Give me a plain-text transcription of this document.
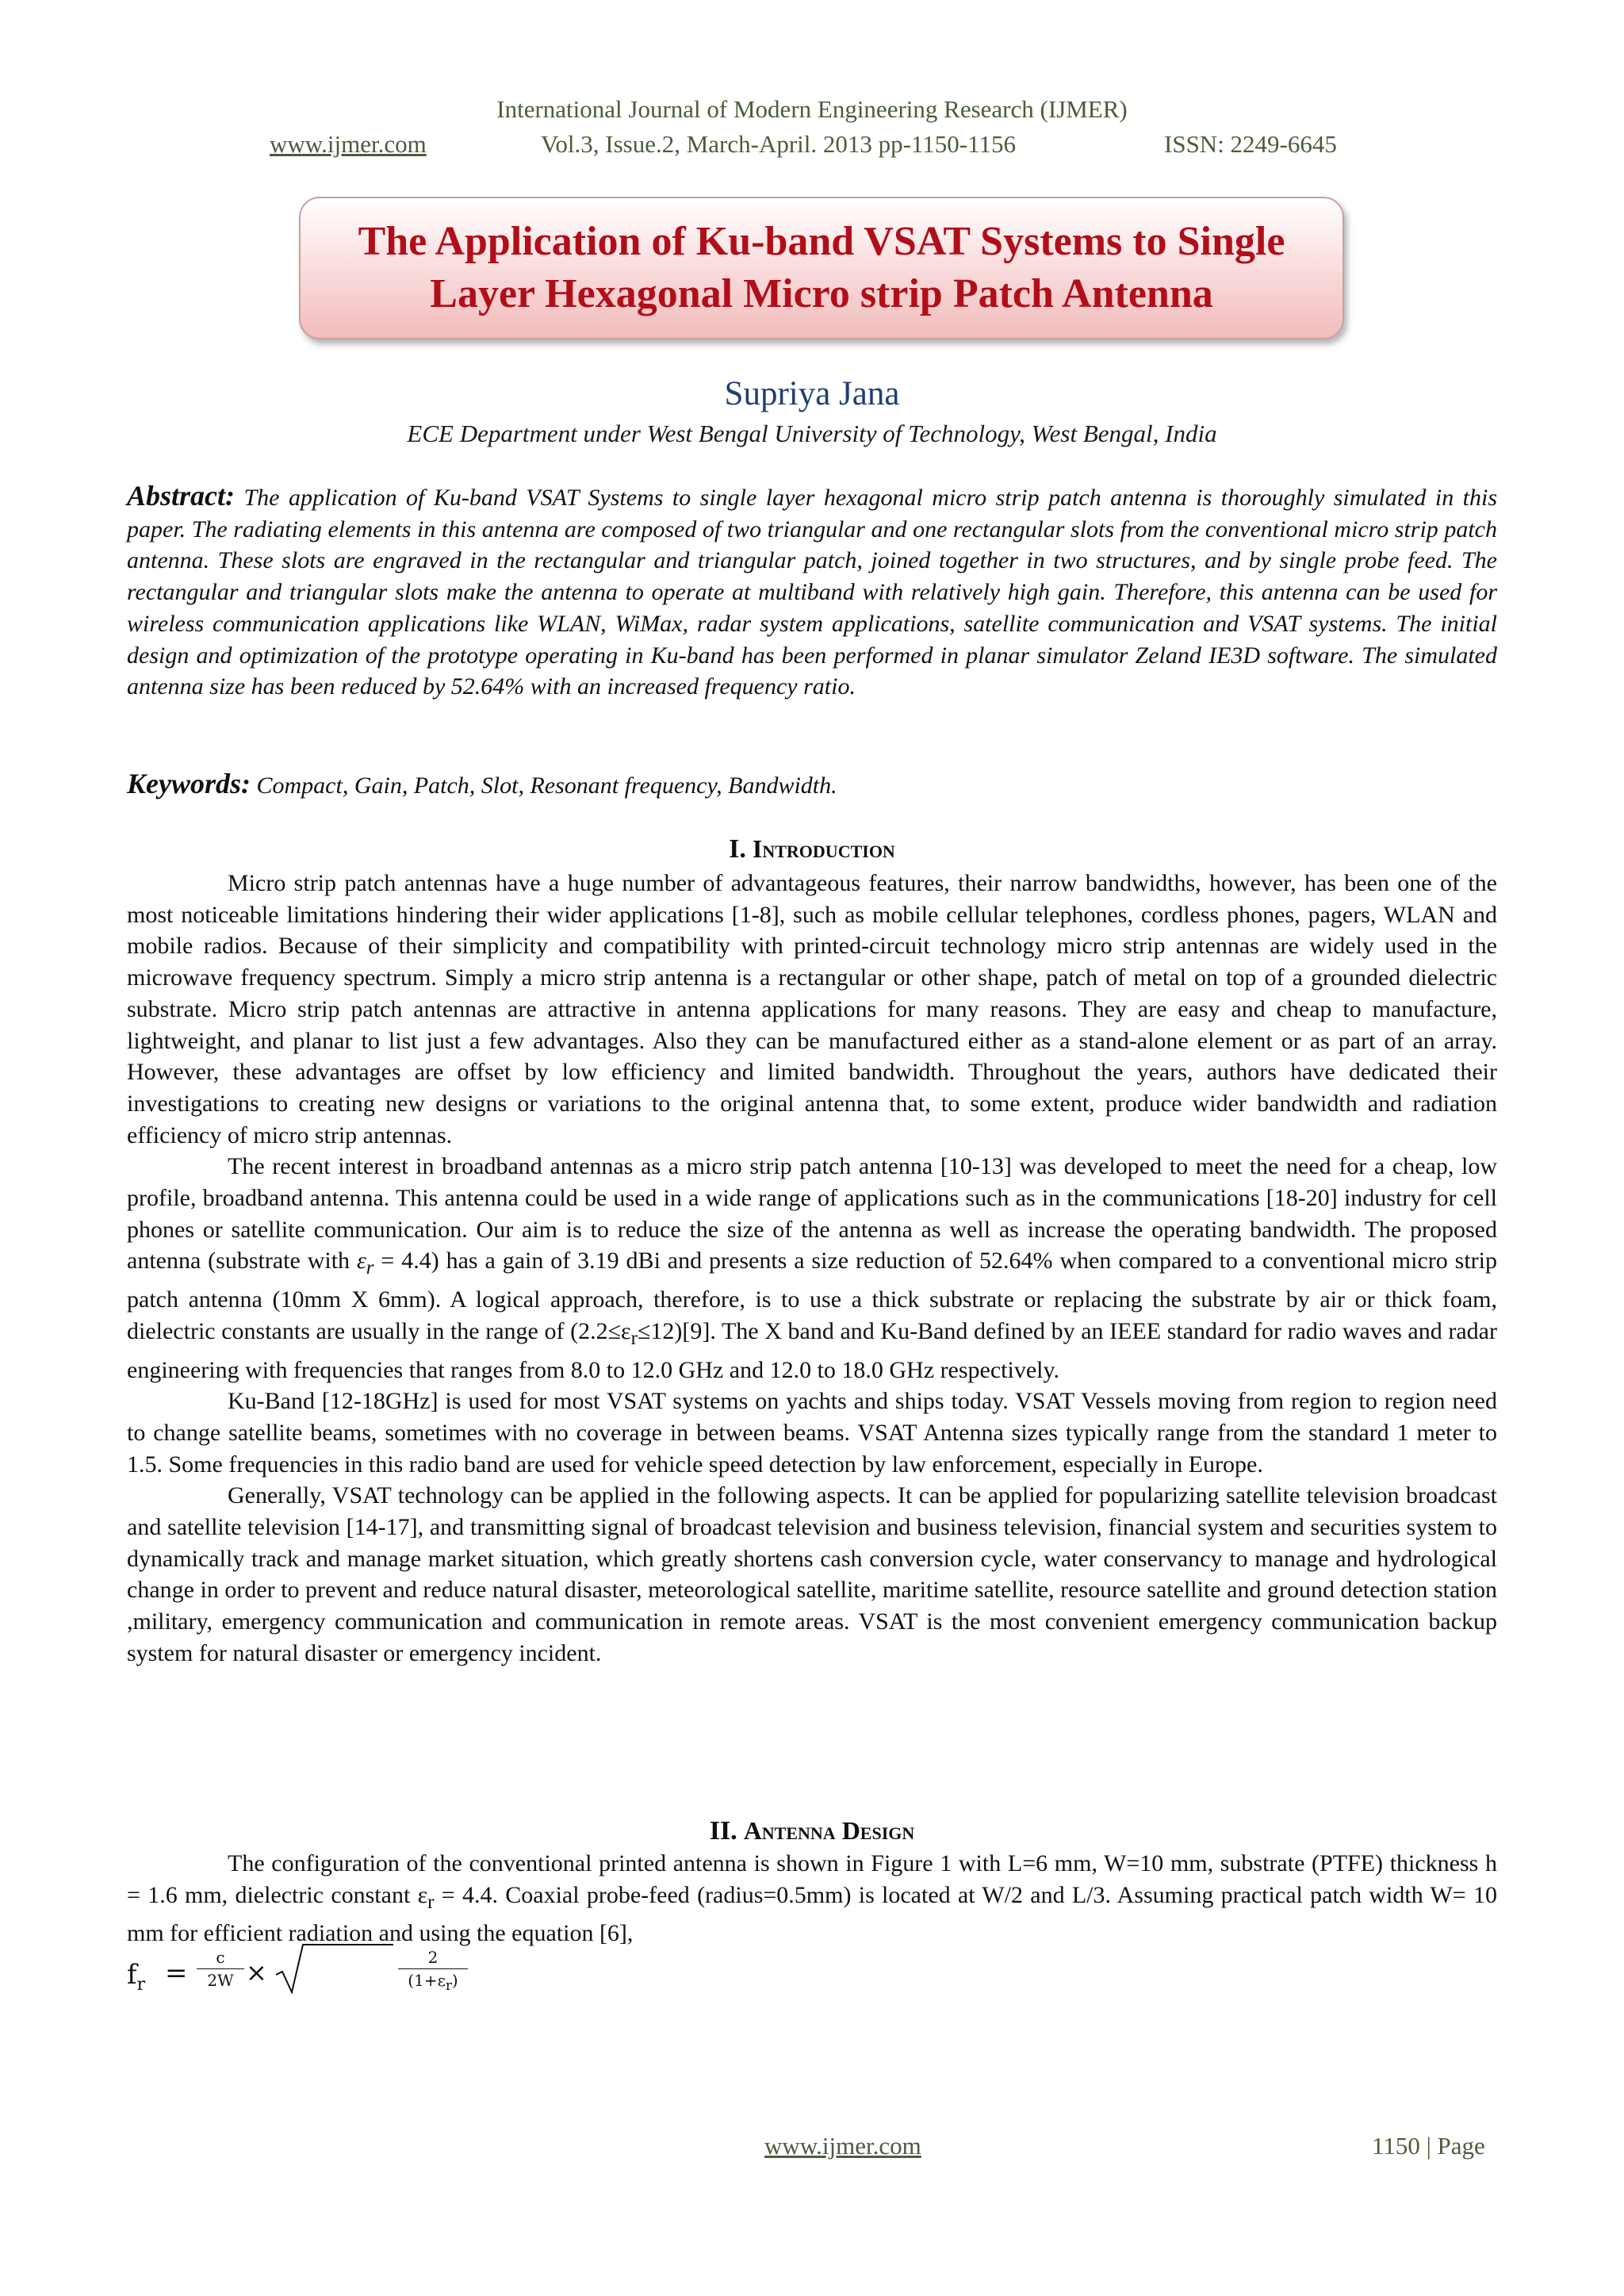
International Journal of Modern Engineering Research (IJMER)
www.ijmer.com	Vol.3, Issue.2, March-April. 2013 pp-1150-1156	ISSN: 2249-6645
The Application of Ku-band VSAT Systems to Single Layer Hexagonal Micro strip Patch Antenna
Supriya Jana
ECE Department under West Bengal University of Technology, West Bengal, India
Abstract: The application of Ku-band VSAT Systems to single layer hexagonal micro strip patch antenna is thoroughly simulated in this paper. The radiating elements in this antenna are composed of two triangular and one rectangular slots from the conventional micro strip patch antenna. These slots are engraved in the rectangular and triangular patch, joined together in two structures, and by single probe feed. The rectangular and triangular slots make the antenna to operate at multiband with relatively high gain. Therefore, this antenna can be used for wireless communication applications like WLAN, WiMax, radar system applications, satellite communication and VSAT systems. The initial design and optimization of the prototype operating in Ku-band has been performed in planar simulator Zeland IE3D software. The simulated antenna size has been reduced by 52.64% with an increased frequency ratio.
Keywords: Compact, Gain, Patch, Slot, Resonant frequency, Bandwidth.
I. Introduction

Micro strip patch antennas have a huge number of advantageous features, their narrow bandwidths, however, has been one of the most noticeable limitations hindering their wider applications [1-8], such as mobile cellular telephones, cordless phones, pagers, WLAN and mobile radios. Because of their simplicity and compatibility with printed-circuit technology micro strip antennas are widely used in the microwave frequency spectrum. Simply a micro strip antenna is a rectangular or other shape, patch of metal on top of a grounded dielectric substrate. Micro strip patch antennas are attractive in antenna applications for many reasons. They are easy and cheap to manufacture, lightweight, and planar to list just a few advantages. Also they can be manufactured either as a stand-alone element or as part of an array. However, these advantages are offset by low efficiency and limited bandwidth. Throughout the years, authors have dedicated their investigations to creating new designs or variations to the original antenna that, to some extent, produce wider bandwidth and radiation efficiency of micro strip antennas.

The recent interest in broadband antennas as a micro strip patch antenna [10-13] was developed to meet the need for a cheap, low profile, broadband antenna. This antenna could be used in a wide range of applications such as in the communications [18-20] industry for cell phones or satellite communication. Our aim is to reduce the size of the antenna as well as increase the operating bandwidth. The proposed antenna (substrate with $\varepsilon_r = 4.4$) has a gain of 3.19 dBi and presents a size reduction of 52.64% when compared to a conventional micro strip patch antenna (10mm X 6mm). A logical approach, therefore, is to use a thick substrate or replacing the substrate by air or thick foam, dielectric constants are usually in the range of $(2.2\le\varepsilon_r\le 12)[9]$. The X band and Ku-Band defined by an IEEE standard for radio waves and radar engineering with frequencies that ranges from 8.0 to 12.0 GHz and 12.0 to 18.0 GHz respectively.

Ku-Band [12-18GHz] is used for most VSAT systems on yachts and ships today. VSAT Vessels moving from region to region need to change satellite beams, sometimes with no coverage in between beams. VSAT Antenna sizes typically range from the standard 1 meter to 1.5. Some frequencies in this radio band are used for vehicle speed detection by law enforcement, especially in Europe.

Generally, VSAT technology can be applied in the following aspects. It can be applied for popularizing satellite television broadcast and satellite television [14-17], and transmitting signal of broadcast television and business television, financial system and securities system to dynamically track and manage market situation, which greatly shortens cash conversion cycle, water conservancy to manage and hydrological change in order to prevent and reduce natural disaster, meteorological satellite, maritime satellite, resource satellite and ground detection station ,military, emergency communication and communication in remote areas. VSAT is the most convenient emergency communication backup system for natural disaster or emergency incident.

II. Antenna Design

The configuration of the conventional printed antenna is shown in Figure 1 with L=6 mm, W=10 mm, substrate (PTFE) thickness h = 1.6 mm, dielectric constant $\varepsilon_r = 4.4$. Coaxial probe-feed (radius=0.5mm) is located at W/2 and L/3. Assuming practical patch width W= 10 mm for efficient radiation and using the equation [6],

$f_r = \frac{c}{2W}$ ×	$\frac{2}{(1+\varepsilon_r)}$
www.ijmer.com	1150 | Page
